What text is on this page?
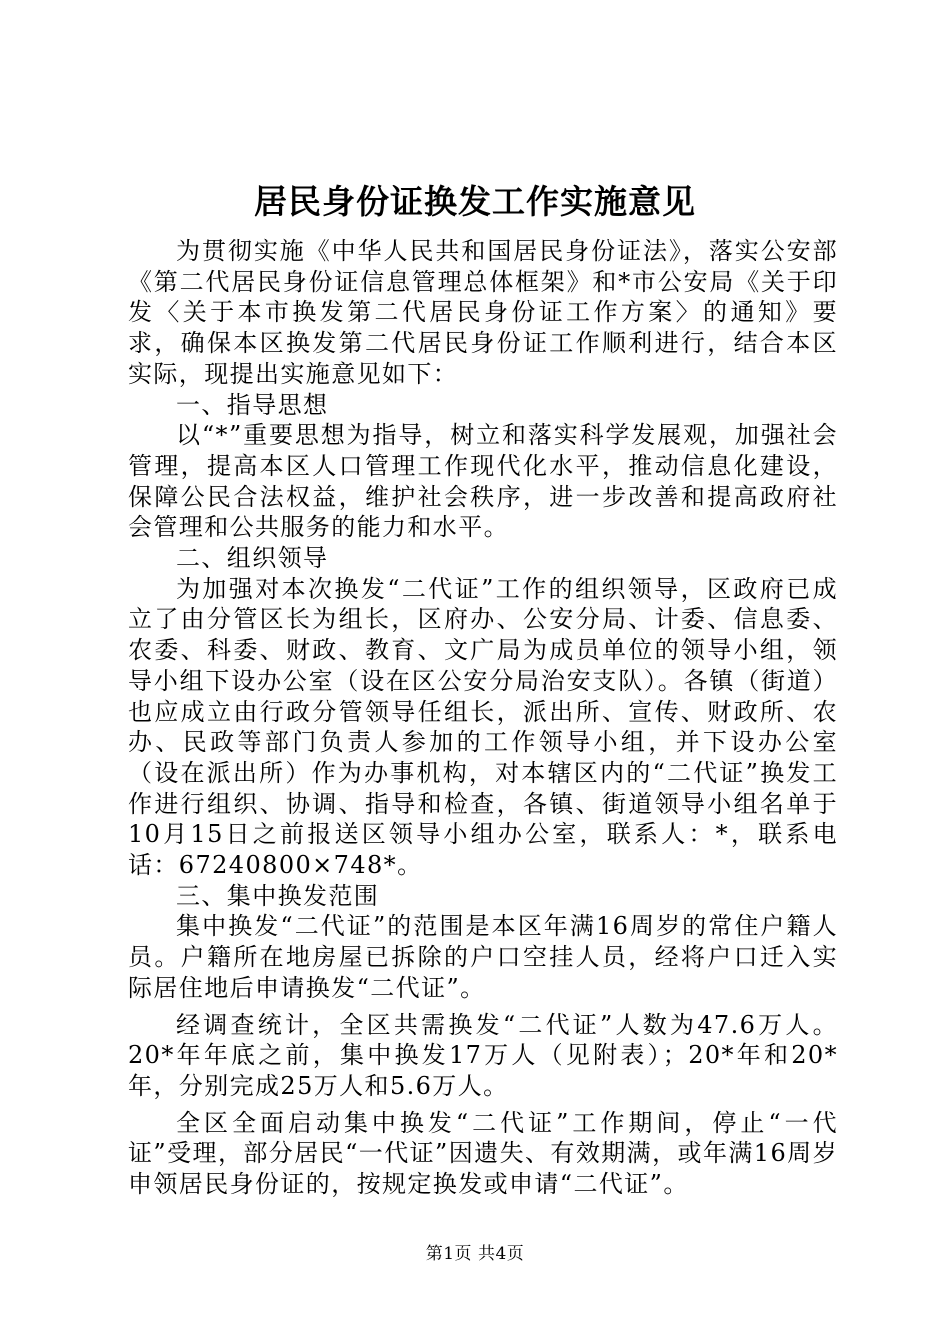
居民身份证换发工作实施意见

为贯彻实施《中华人民共和国居民身份证法》，落实公安部《第二代居民身份证信息管理总体框架》和*市公安局《关于印发〈关于本市换发第二代居民身份证工作方案〉的通知》要求，确保本区换发第二代居民身份证工作顺利进行，结合本区实际，现提出实施意见如下：

一、指导思想

以“*”重要思想为指导，树立和落实科学发展观，加强社会管理，提高本区人口管理工作现代化水平，推动信息化建设，保障公民合法权益，维护社会秩序，进一步改善和提高政府社会管理和公共服务的能力和水平。

二、组织领导

为加强对本次换发“二代证”工作的组织领导，区政府已成立了由分管区长为组长，区府办、公安分局、计委、信息委、农委、科委、财政、教育、文广局为成员单位的领导小组，领导小组下设办公室（设在区公安分局治安支队）。各镇（街道）也应成立由行政分管领导任组长，派出所、宣传、财政所、农办、民政等部门负责人参加的工作领导小组，并下设办公室（设在派出所）作为办事机构，对本辖区内的“二代证”换发工作进行组织、协调、指导和检查，各镇、街道领导小组名单于10月15日之前报送区领导小组办公室，联系人：*，联系电话：67240800×748*。

三、集中换发范围

集中换发“二代证”的范围是本区年满16周岁的常住户籍人员。户籍所在地房屋已拆除的户口空挂人员，经将户口迁入实际居住地后申请换发“二代证”。

经调查统计，全区共需换发“二代证”人数为47.6万人。20*年年底之前，集中换发17万人（见附表）；20*年和20*年，分别完成25万人和5.6万人。

全区全面启动集中换发“二代证”工作期间，停止“一代证”受理，部分居民“一代证”因遗失、有效期满，或年满16周岁申领居民身份证的，按规定换发或申请“二代证”。

第1页 共4页
